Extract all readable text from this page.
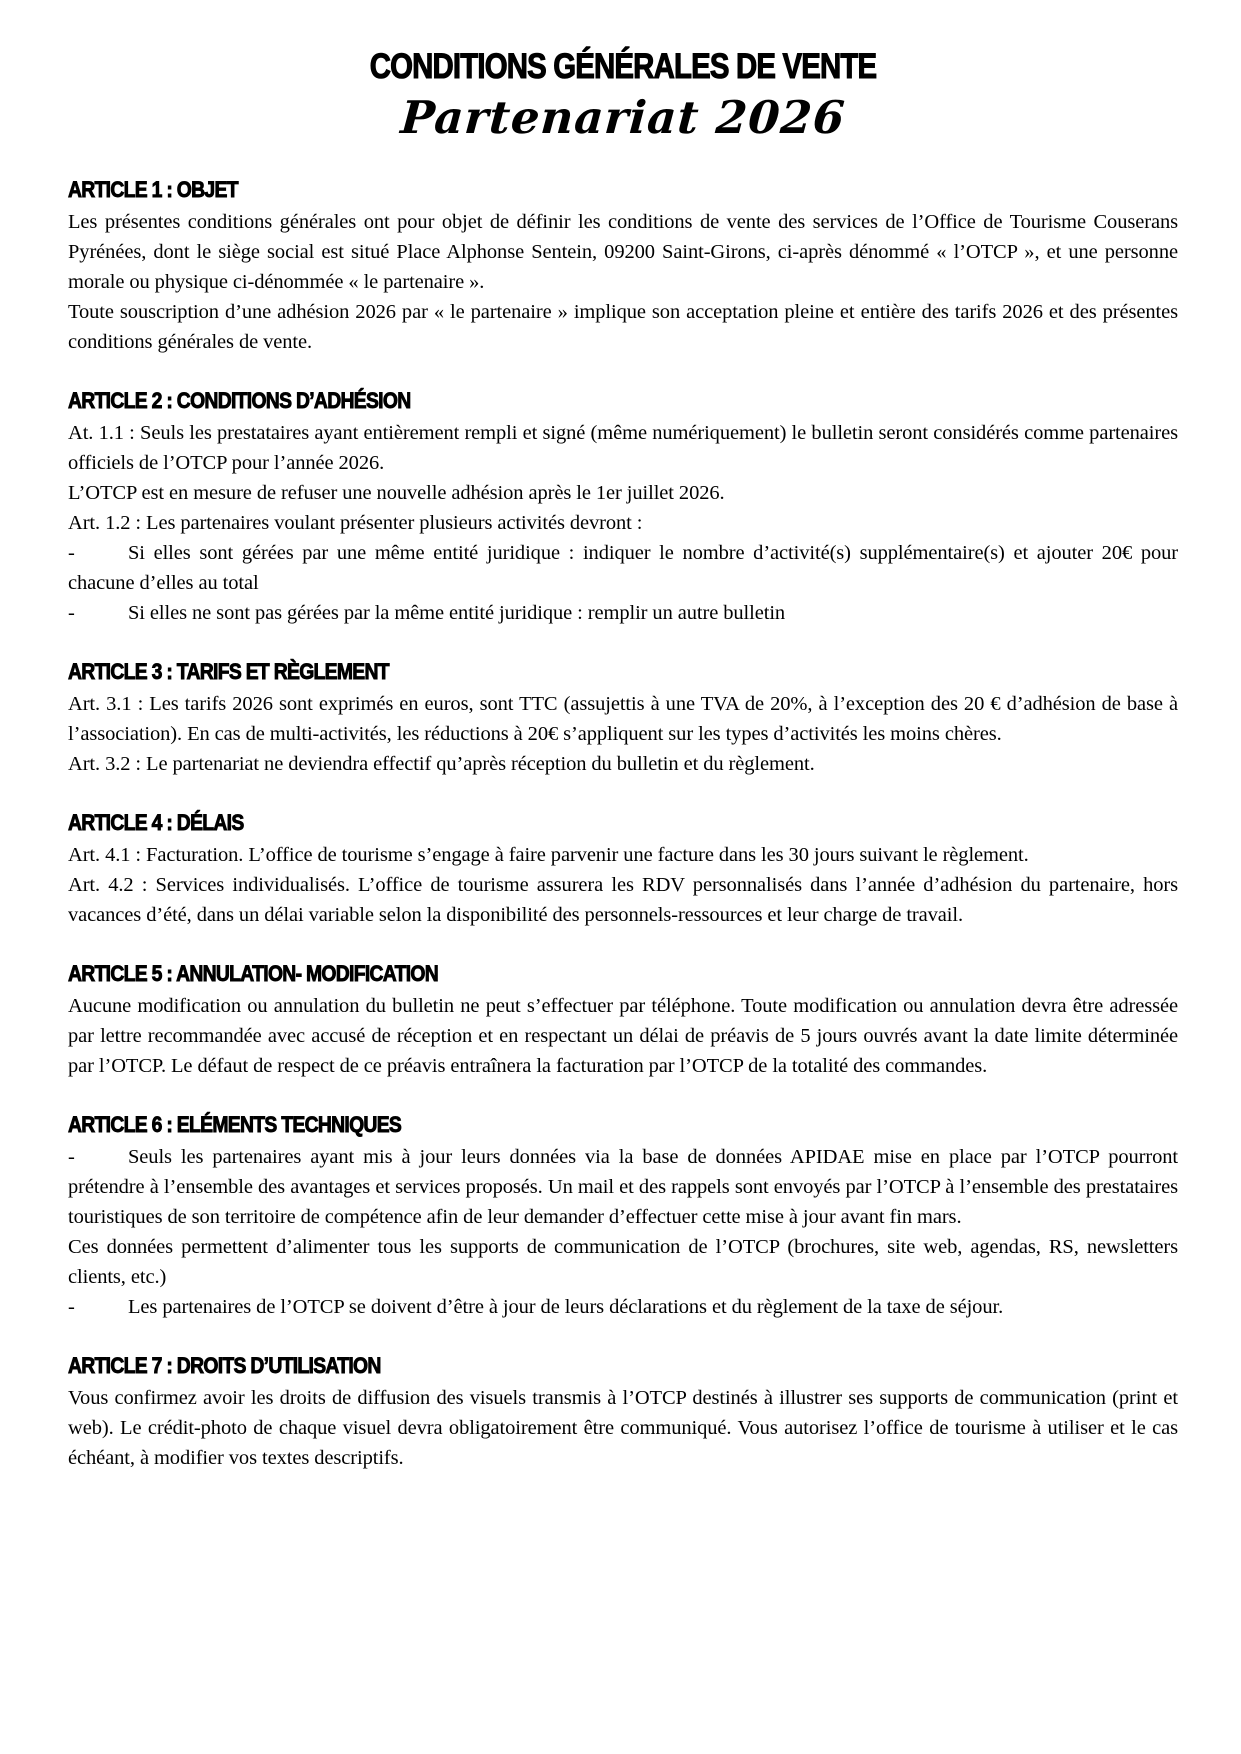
CONDITIONS GÉNÉRALES DE VENTE
Partenariat 2026
ARTICLE 1 : OBJET

Les présentes conditions générales ont pour objet de définir les conditions de vente des services de l’Office de Tourisme Couserans Pyrénées, dont le siège social est situé Place Alphonse Sentein, 09200 Saint-Girons, ci-après dénommé « l’OTCP », et une personne morale ou physique ci-dénommée « le partenaire ».

Toute souscription d’une adhésion 2026 par « le partenaire » implique son acceptation pleine et entière des tarifs 2026 et des présentes conditions générales de vente.

ARTICLE 2 : CONDITIONS D’ADHÉSION

At. 1.1 : Seuls les prestataires ayant entièrement rempli et signé (même numériquement) le bulletin seront considérés comme partenaires officiels de l’OTCP pour l’année 2026.

L’OTCP est en mesure de refuser une nouvelle adhésion après le 1er juillet 2026.

Art. 1.2 : Les partenaires voulant présenter plusieurs activités devront :

-	Si elles sont gérées par une même entité juridique : indiquer le nombre d’activité(s) supplémentaire(s) et ajouter 20€ pour chacune d’elles au total

-	Si elles ne sont pas gérées par la même entité juridique : remplir un autre bulletin

ARTICLE 3 : TARIFS ET RÈGLEMENT

Art. 3.1 : Les tarifs 2026 sont exprimés en euros, sont TTC (assujettis à une TVA de 20%, à l’exception des 20 € d’adhésion de base à l’association). En cas de multi-activités, les réductions à 20€ s’appliquent sur les types d’activités les moins chères.

Art. 3.2 : Le partenariat ne deviendra effectif qu’après réception du bulletin et du règlement.

ARTICLE 4 : DÉLAIS

Art. 4.1 : Facturation. L’office de tourisme s’engage à faire parvenir une facture dans les 30 jours suivant le règlement.

Art. 4.2 : Services individualisés. L’office de tourisme assurera les RDV personnalisés dans l’année d’adhésion du partenaire, hors vacances d’été, dans un délai variable selon la disponibilité des personnels-ressources et leur charge de travail.

ARTICLE 5 : ANNULATION- MODIFICATION

Aucune modification ou annulation du bulletin ne peut s’effectuer par téléphone. Toute modification ou annulation devra être adressée par lettre recommandée avec accusé de réception et en respectant un délai de préavis de 5 jours ouvrés avant la date limite déterminée par l’OTCP. Le défaut de respect de ce préavis entraînera la facturation par l’OTCP de la totalité des commandes.

ARTICLE 6 : ELÉMENTS TECHNIQUES

-	Seuls les partenaires ayant mis à jour leurs données via la base de données APIDAE mise en place par l’OTCP pourront prétendre à l’ensemble des avantages et services proposés. Un mail et des rappels sont envoyés par l’OTCP à l’ensemble des prestataires touristiques de son territoire de compétence afin de leur demander d’effectuer cette mise à jour avant fin mars.

Ces données permettent d’alimenter tous les supports de communication de l’OTCP (brochures, site web, agendas, RS, newsletters clients, etc.)

-	Les partenaires de l’OTCP se doivent d’être à jour de leurs déclarations et du règlement de la taxe de séjour.

ARTICLE 7 : DROITS D’UTILISATION

Vous confirmez avoir les droits de diffusion des visuels transmis à l’OTCP destinés à illustrer ses supports de communication (print et web). Le crédit-photo de chaque visuel devra obligatoirement être communiqué. Vous autorisez l’office de tourisme à utiliser et le cas échéant, à modifier vos textes descriptifs.
